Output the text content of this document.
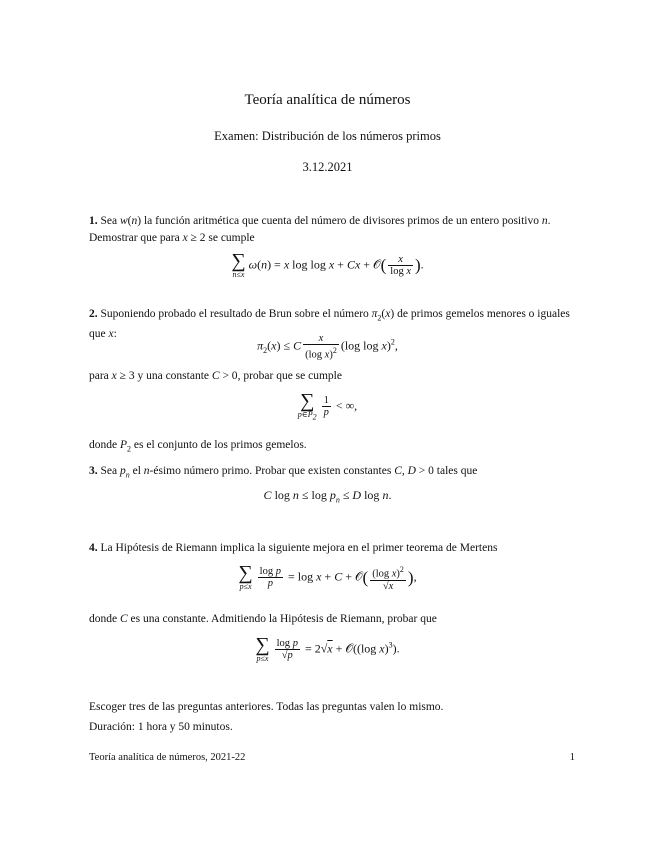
Teoría analítica de números
Examen: Distribución de los números primos
3.12.2021
1. Sea w(n) la función aritmética que cuenta del número de divisores primos de un entero positivo n. Demostrar que para x ≥ 2 se cumple
∑
n≤x
ω(n) = x log log x + Cx + 𝒪( $\frac{x}{\text{log x}}$ ).
2. Suponiendo probado el resultado de Brun sobre el número $\pi_2(x)$ de primos gemelos menores o iguales que x:
$\pi_2(x) \le C \frac{x}{(\log x)^2} (\log$ log x)$^2$,
para x ≥ 3 y una constante C > 0, probar que se cumple
∑
$p\in P_2 \frac{1}{p}$ < ∞,
donde $P_2$ es el conjunto de los primos gemelos.
3. Sea $p_n$ el n-ésimo número primo. Probar que existen constantes C, D > 0 tales que
C $\log n \le \log p_n \le D$ log n.
4. La Hipótesis de Riemann implica la siguiente mejora en el primer teorema de Mertens
∑
$p\le x \frac{\text{log p}}{p} = \log x + C$ + 𝒪( $\frac{(\log x)^2}{√x}$ ),
donde C es una constante. Admitiendo la Hipótesis de Riemann, probar que
∑
$p\le x \frac{\text{log p}}{√p} = 2√x$ + 𝒪((log x)$^3$).
Escoger tres de las preguntas anteriores. Todas las preguntas valen lo mismo.
Duración: 1 hora y 50 minutos.
Teoría analítica de números, 2021-22	1
